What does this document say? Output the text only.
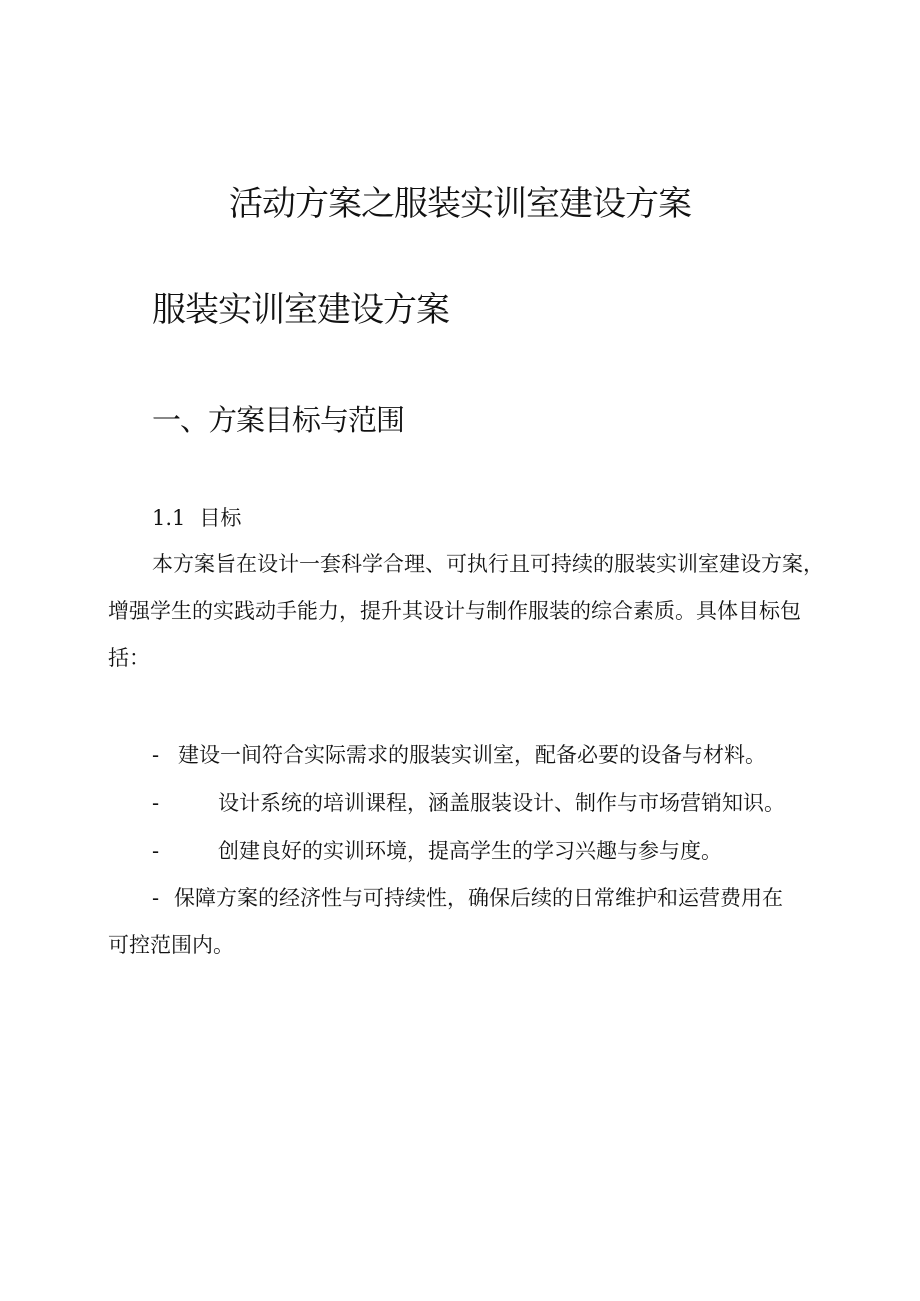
活动方案之服装实训室建设方案
服装实训室建设方案
一、方案目标与范围
1.1 目标
本方案旨在设计一套科学合理、可执行且可持续的服装实训室建设方案，
增强学生的实践动手能力，提升其设计与制作服装的综合素质。具体目标包
括：
- 建设一间符合实际需求的服装实训室，配备必要的设备与材料。
-	设计系统的培训课程，涵盖服装设计、制作与市场营销知识。
-	创建良好的实训环境，提高学生的学习兴趣与参与度。
- 保障方案的经济性与可持续性，确保后续的日常维护和运营费用在
可控范围内。
